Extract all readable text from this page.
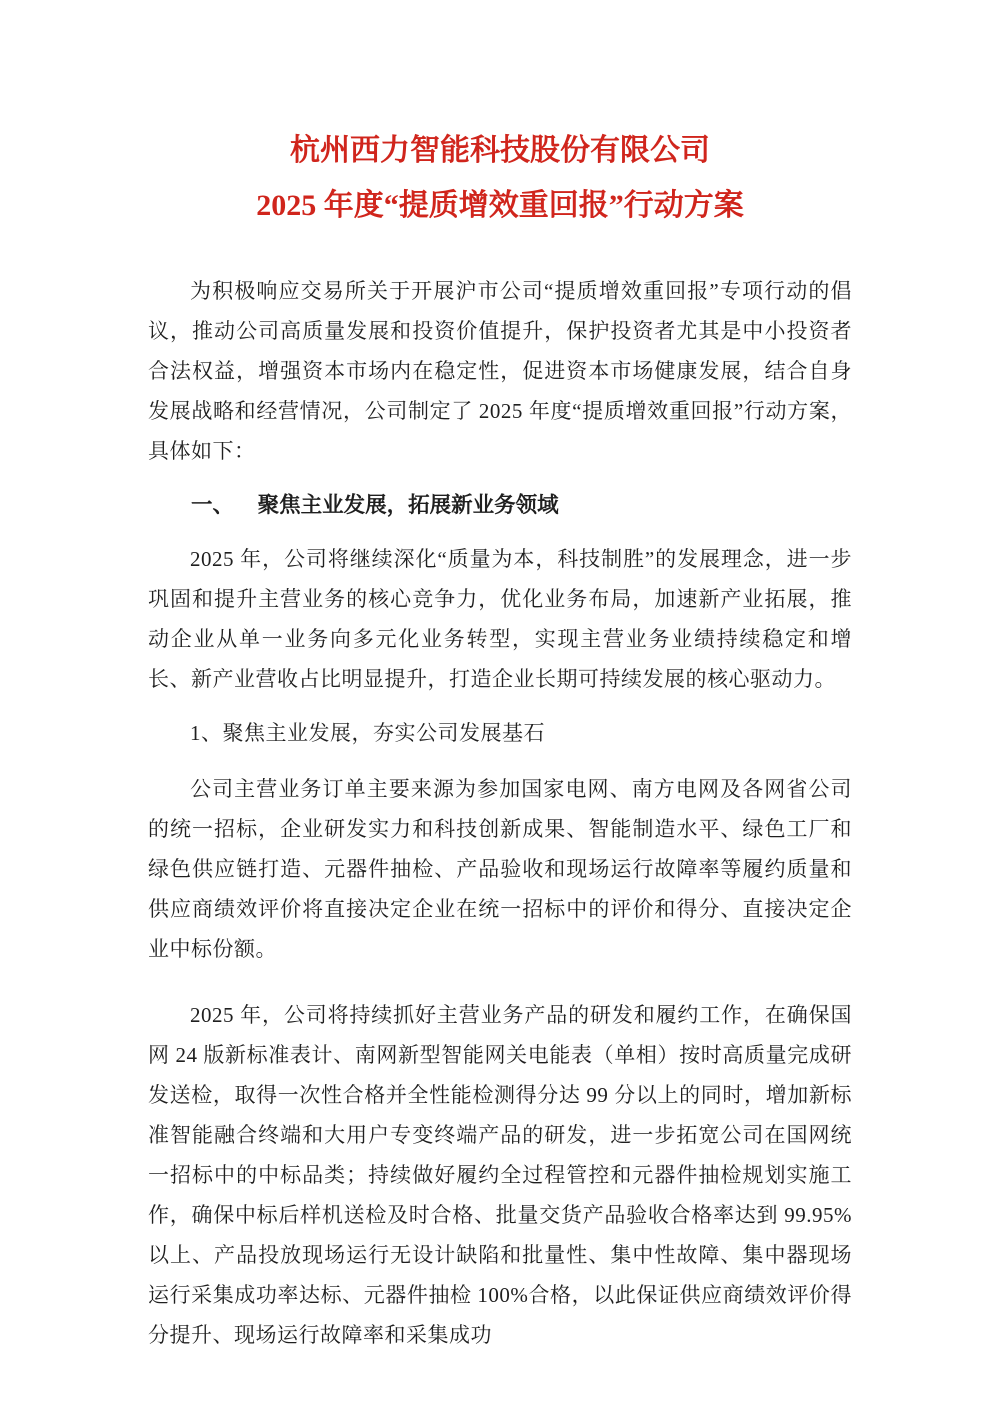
杭州西力智能科技股份有限公司
2025 年度“提质增效重回报”行动方案

为积极响应交易所关于开展沪市公司“提质增效重回报”专项行动的倡议，推动公司高质量发展和投资价值提升，保护投资者尤其是中小投资者合法权益，增强资本市场内在稳定性，促进资本市场健康发展，结合自身发展战略和经营情况，公司制定了 2025 年度“提质增效重回报”行动方案，具体如下：

一、 聚焦主业发展，拓展新业务领域

2025 年，公司将继续深化“质量为本，科技制胜”的发展理念，进一步巩固和提升主营业务的核心竞争力，优化业务布局，加速新产业拓展，推动企业从单一业务向多元化业务转型，实现主营业务业绩持续稳定和增长、新产业营收占比明显提升，打造企业长期可持续发展的核心驱动力。

1、聚焦主业发展，夯实公司发展基石

公司主营业务订单主要来源为参加国家电网、南方电网及各网省公司的统一招标，企业研发实力和科技创新成果、智能制造水平、绿色工厂和绿色供应链打造、元器件抽检、产品验收和现场运行故障率等履约质量和供应商绩效评价将直接决定企业在统一招标中的评价和得分、直接决定企业中标份额。

2025 年，公司将持续抓好主营业务产品的研发和履约工作，在确保国网 24 版新标准表计、南网新型智能网关电能表（单相）按时高质量完成研发送检，取得一次性合格并全性能检测得分达 99 分以上的同时，增加新标准智能融合终端和大用户专变终端产品的研发，进一步拓宽公司在国网统一招标中的中标品类；持续做好履约全过程管控和元器件抽检规划实施工作，确保中标后样机送检及时合格、批量交货产品验收合格率达到 99.95%以上、产品投放现场运行无设计缺陷和批量性、集中性故障、集中器现场运行采集成功率达标、元器件抽检 100%合格，以此保证供应商绩效评价得分提升、现场运行故障率和采集成功
